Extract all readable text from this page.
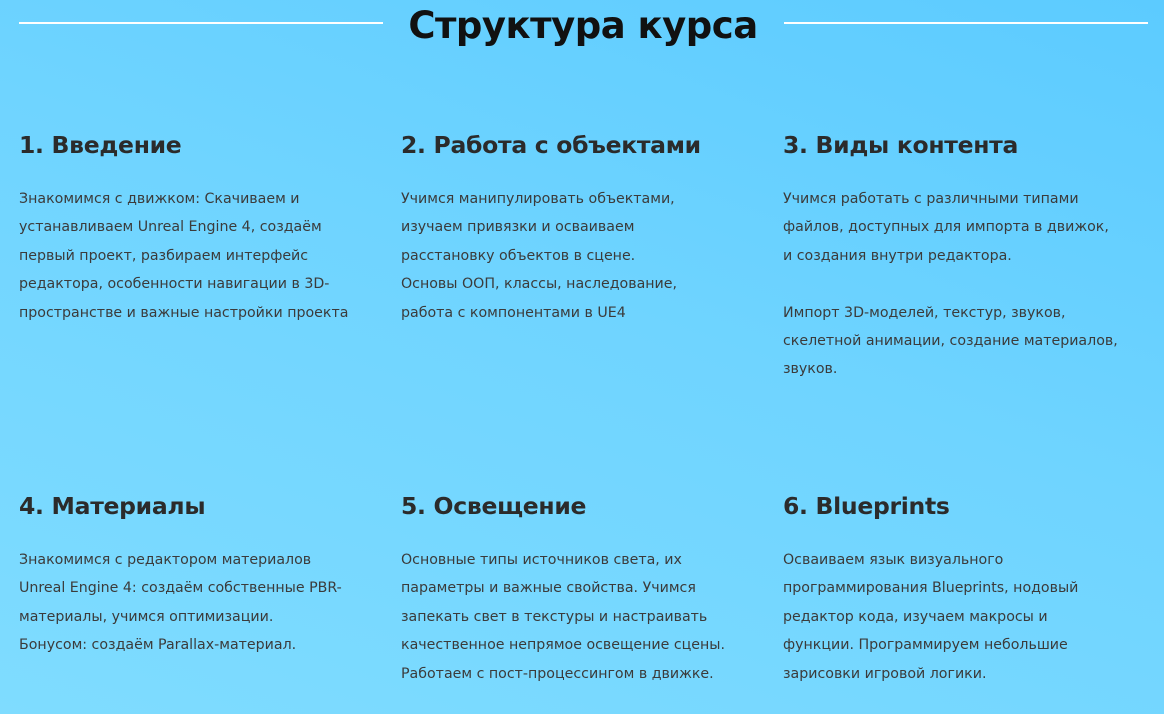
Структура курса
1. Введение
Знакомимся с движком: Скачиваем и
устанавливаем Unreal Engine 4, создаём
первый проект, разбираем интерфейс
редактора, особенности навигации в 3D-
пространстве и важные настройки проекта
2. Работа с объектами
Учимся манипулировать объектами,
изучаем привязки и осваиваем
расстановку объектов в сцене.
Основы ООП, классы, наследование,
работа с компонентами в UE4
3. Виды контента
Учимся работать с различными типами
файлов, доступных для импорта в движок,
и создания внутри редактора.

Импорт 3D-моделей, текстур, звуков,
скелетной анимации, создание материалов,
звуков.
4. Материалы
Знакомимся с редактором материалов
Unreal Engine 4: создаём собственные PBR-
материалы, учимся оптимизации.
Бонусом: создаём Parallax-материал.
5. Освещение
Основные типы источников света, их
параметры и важные свойства. Учимся
запекать свет в текстуры и настраивать
качественное непрямое освещение сцены.
Работаем с пост-процессингом в движке.
6. Blueprints
Осваиваем язык визуального
программирования Blueprints, нодовый
редактор кода, изучаем макросы и
функции. Программируем небольшие
зарисовки игровой логики.
